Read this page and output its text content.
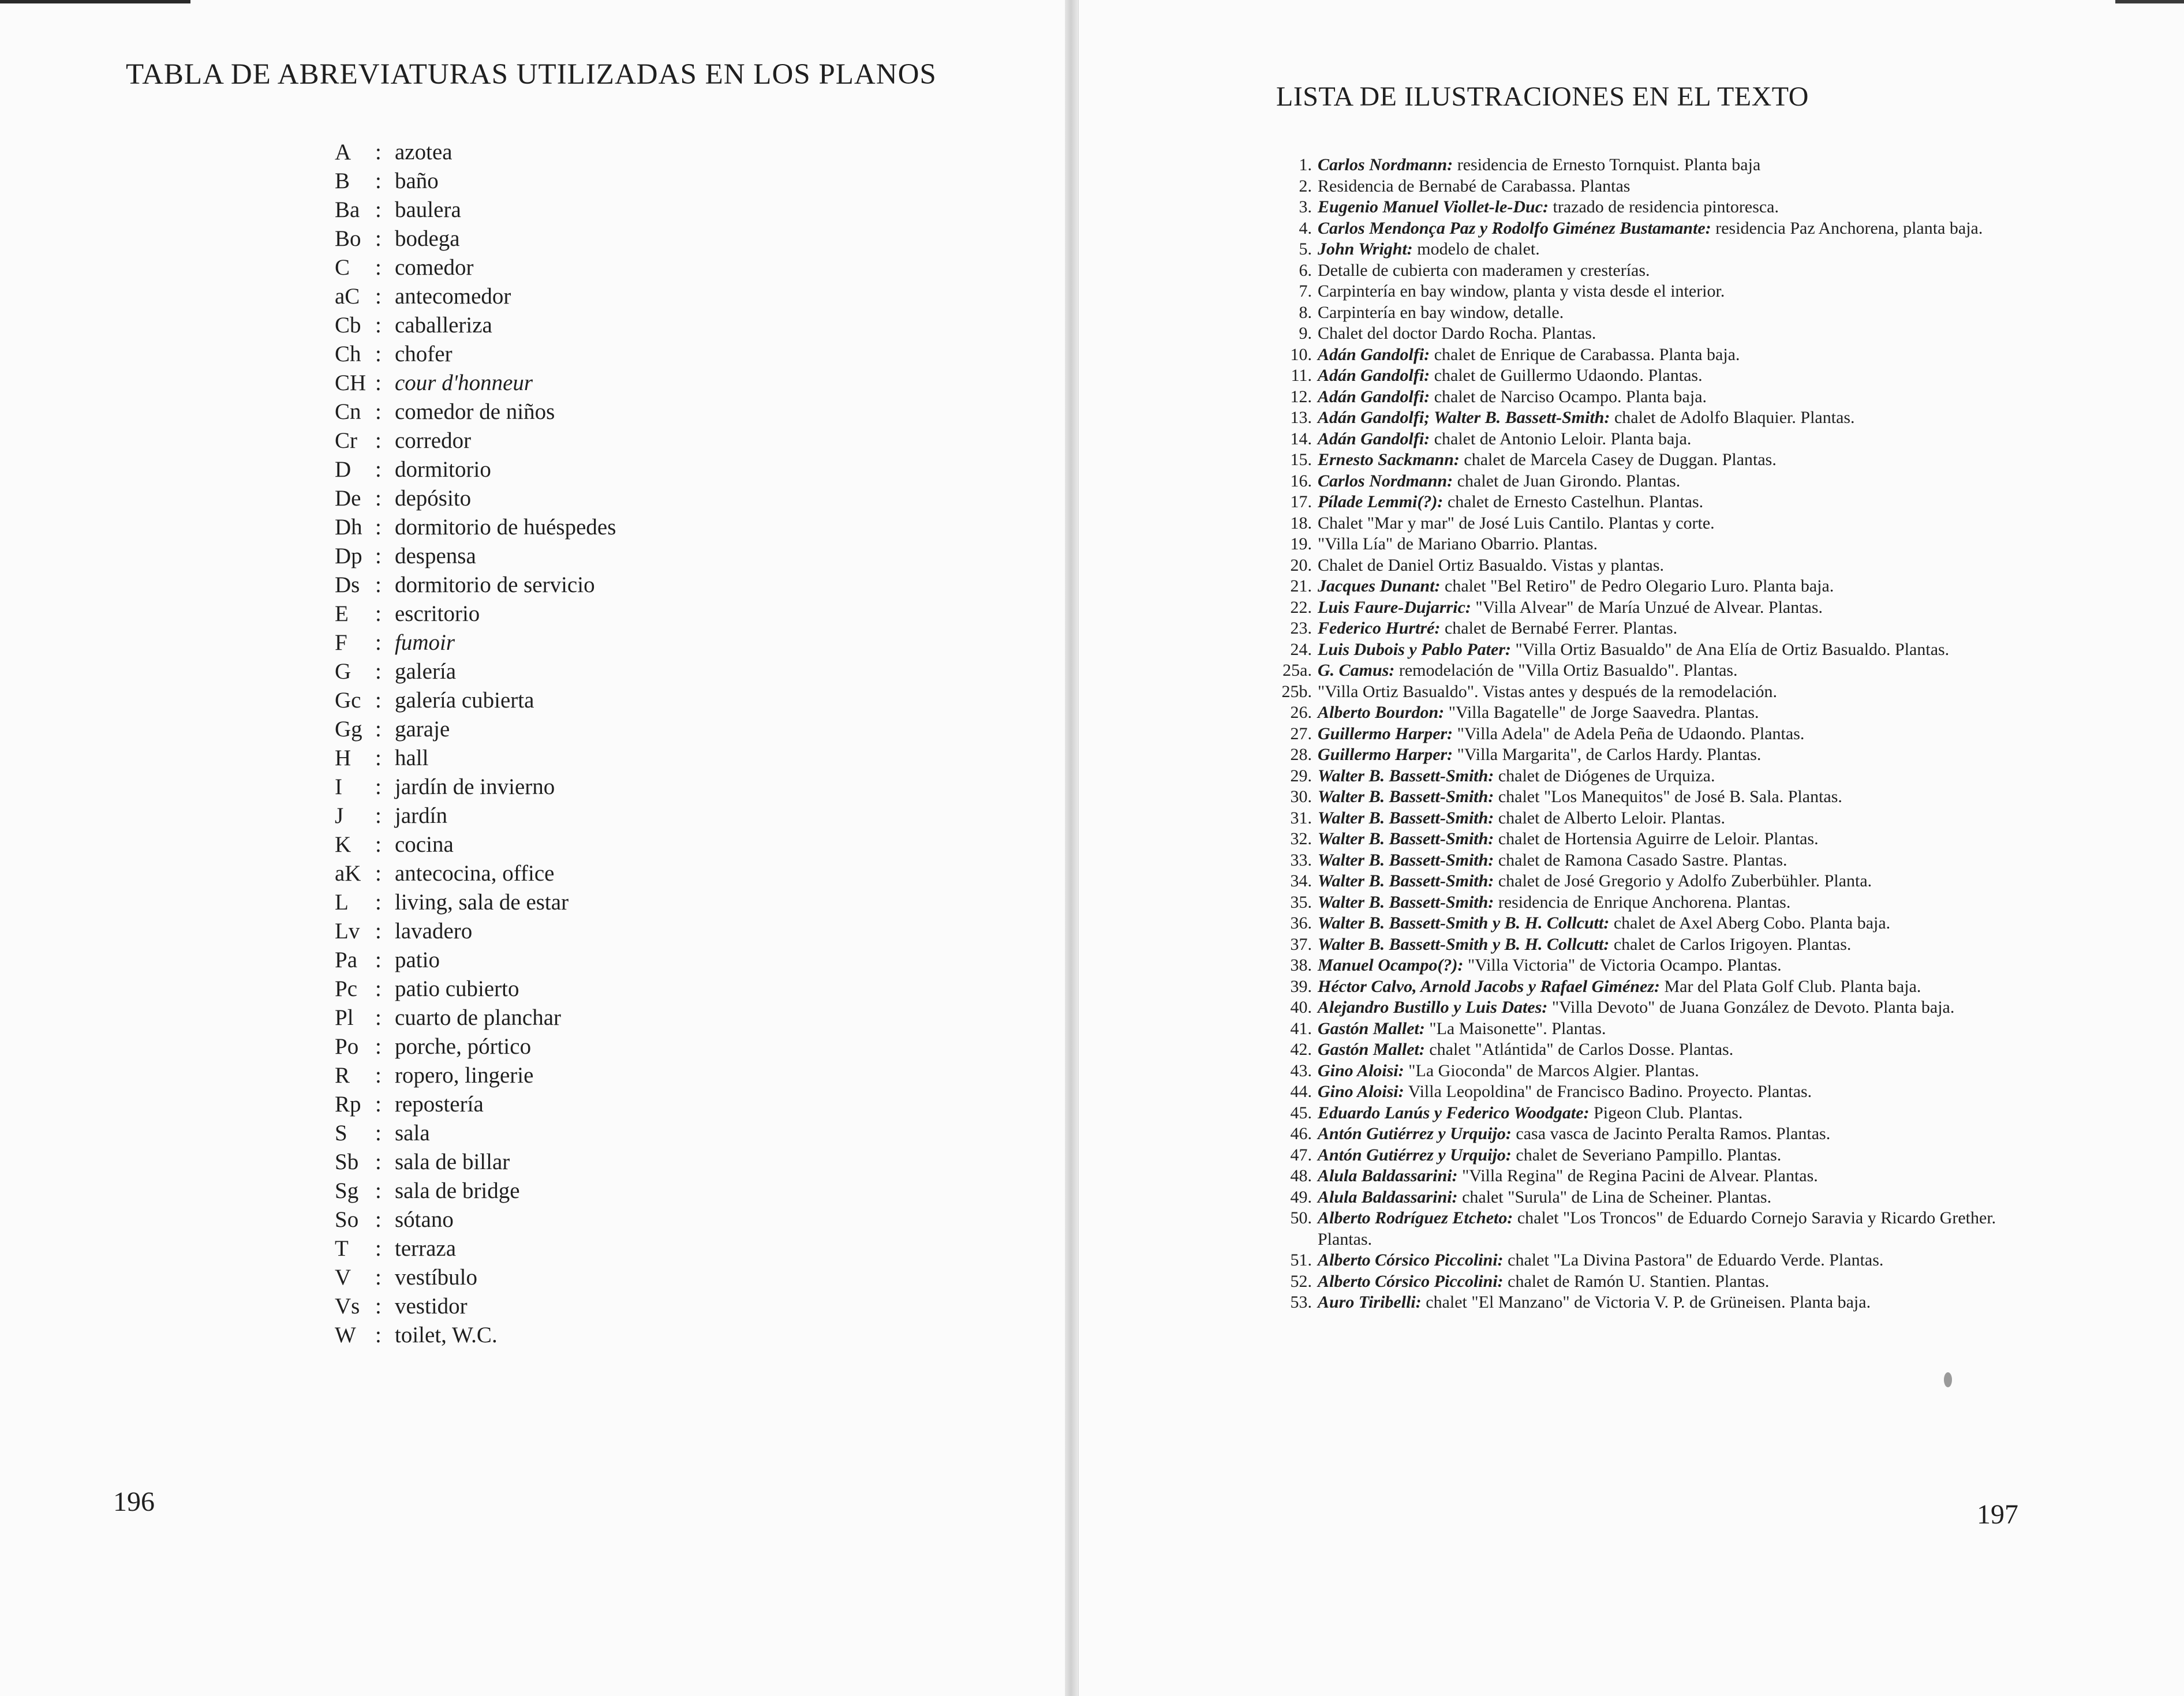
TABLA DE ABREVIATURAS UTILIZADAS EN LOS PLANOS
A	: azotea
B	: baño
Ba : baulera
Bo : bodega
C	: comedor
aC : antecomedor
Cb : caballeriza
Ch : chofer
CH : cour d'honneur
Cn : comedor de niños
Cr : corredor
D	: dormitorio
De : depósito
Dh : dormitorio de huéspedes
Dp : despensa
Ds : dormitorio de servicio
E	: escritorio
F	: fumoir
G	: galería
Gc : galería cubierta
Gg : garaje
H	: hall
I	: jardín de invierno
J	: jardín
K	: cocina
aK : antecocina, office
L	: living, sala de estar
Lv : lavadero
Pa : patio
Pc : patio cubierto
Pl : cuarto de planchar
Po : porche, pórtico
R	: ropero, lingerie
Rp : repostería
S	: sala
Sb : sala de billar
Sg : sala de bridge
So : sótano
T	: terraza
V	: vestíbulo
Vs : vestidor
W : toilet, W.C.
196
LISTA DE ILUSTRACIONES EN EL TEXTO
1. Carlos Nordmann: residencia de Ernesto Tornquist. Planta baja
2. Residencia de Bernabé de Carabassa. Plantas
3. Eugenio Manuel Viollet-le-Duc: trazado de residencia pintoresca.
4. Carlos Mendonça Paz y Rodolfo Giménez Bustamante: residencia Paz Anchorena, planta baja.
5. John Wright: modelo de chalet.
6. Detalle de cubierta con maderamen y cresterías.
7. Carpintería en bay window, planta y vista desde el interior.
8. Carpintería en bay window, detalle.
9. Chalet del doctor Dardo Rocha. Plantas.
10. Adán Gandolfi: chalet de Enrique de Carabassa. Planta baja.
11. Adán Gandolfi: chalet de Guillermo Udaondo. Plantas.
12. Adán Gandolfi: chalet de Narciso Ocampo. Planta baja.
13. Adán Gandolfi; Walter B. Bassett-Smith: chalet de Adolfo Blaquier. Plantas.
14. Adán Gandolfi: chalet de Antonio Leloir. Planta baja.
15. Ernesto Sackmann: chalet de Marcela Casey de Duggan. Plantas.
16. Carlos Nordmann: chalet de Juan Girondo. Plantas.
17. Pílade Lemmi(?): chalet de Ernesto Castelhun. Plantas.
18. Chalet "Mar y mar" de José Luis Cantilo. Plantas y corte.
19. "Villa Lía" de Mariano Obarrio. Plantas.
20. Chalet de Daniel Ortiz Basualdo. Vistas y plantas.
21. Jacques Dunant: chalet "Bel Retiro" de Pedro Olegario Luro. Planta baja.
22. Luis Faure-Dujarric: "Villa Alvear" de María Unzué de Alvear. Plantas.
23. Federico Hurtré: chalet de Bernabé Ferrer. Plantas.
24. Luis Dubois y Pablo Pater: "Villa Ortiz Basualdo" de Ana Elía de Ortiz Basualdo. Plantas.
25a. G. Camus: remodelación de "Villa Ortiz Basualdo". Plantas.
25b. "Villa Ortiz Basualdo". Vistas antes y después de la remodelación.
26. Alberto Bourdon: "Villa Bagatelle" de Jorge Saavedra. Plantas.
27. Guillermo Harper: "Villa Adela" de Adela Peña de Udaondo. Plantas.
28. Guillermo Harper: "Villa Margarita", de Carlos Hardy. Plantas.
29. Walter B. Bassett-Smith: chalet de Diógenes de Urquiza.
30. Walter B. Bassett-Smith: chalet "Los Manequitos" de José B. Sala. Plantas.
31. Walter B. Bassett-Smith: chalet de Alberto Leloir. Plantas.
32. Walter B. Bassett-Smith: chalet de Hortensia Aguirre de Leloir. Plantas.
33. Walter B. Bassett-Smith: chalet de Ramona Casado Sastre. Plantas.
34. Walter B. Bassett-Smith: chalet de José Gregorio y Adolfo Zuberbühler. Planta.
35. Walter B. Bassett-Smith: residencia de Enrique Anchorena. Plantas.
36. Walter B. Bassett-Smith y B. H. Collcutt: chalet de Axel Aberg Cobo. Planta baja.
37. Walter B. Bassett-Smith y B. H. Collcutt: chalet de Carlos Irigoyen. Plantas.
38. Manuel Ocampo(?): "Villa Victoria" de Victoria Ocampo. Plantas.
39. Héctor Calvo, Arnold Jacobs y Rafael Giménez: Mar del Plata Golf Club. Planta baja.
40. Alejandro Bustillo y Luis Dates: "Villa Devoto" de Juana González de Devoto. Planta baja.
41. Gastón Mallet: "La Maisonette". Plantas.
42. Gastón Mallet: chalet "Atlántida" de Carlos Dosse. Plantas.
43. Gino Aloisi: "La Gioconda" de Marcos Algier. Plantas.
44. Gino Aloisi: Villa Leopoldina" de Francisco Badino. Proyecto. Plantas.
45. Eduardo Lanús y Federico Woodgate: Pigeon Club. Plantas.
46. Antón Gutiérrez y Urquijo: casa vasca de Jacinto Peralta Ramos. Plantas.
47. Antón Gutiérrez y Urquijo: chalet de Severiano Pampillo. Plantas.
48. Alula Baldassarini: "Villa Regina" de Regina Pacini de Alvear. Plantas.
49. Alula Baldassarini: chalet "Surula" de Lina de Scheiner. Plantas.
50. Alberto Rodríguez Etcheto: chalet "Los Troncos" de Eduardo Cornejo Saravia y Ricardo Grether. Plantas.
51. Alberto Córsico Piccolini: chalet "La Divina Pastora" de Eduardo Verde. Plantas.
52. Alberto Córsico Piccolini: chalet de Ramón U. Stantien. Plantas.
53. Auro Tiribelli: chalet "El Manzano" de Victoria V. P. de Grüneisen. Planta baja.
197
